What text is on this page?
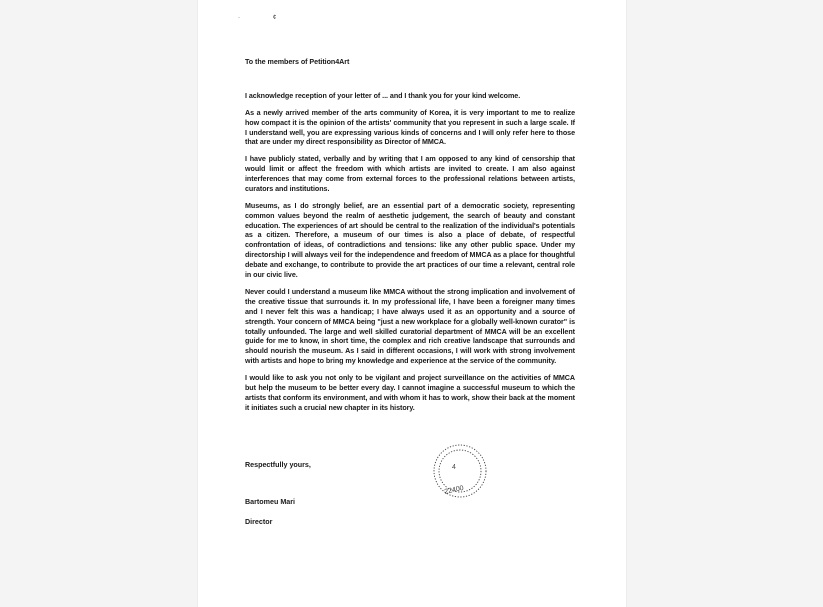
·	¢

To the members of Petition4Art

I acknowledge reception of your letter of ... and I thank you for your kind welcome.

As a newly arrived member of the arts community of Korea, it is very important to me to realize how compact it is the opinion of the artists' community that you represent in such a large scale. If I understand well, you are expressing various kinds of concerns and I will only refer here to those that are under my direct responsibility as Director of MMCA.

I have publicly stated, verbally and by writing that I am opposed to any kind of censorship that would limit or affect the freedom with which artists are invited to create. I am also against interferences that may come from external forces to the professional relations between artists, curators and institutions.

Museums, as I do strongly belief, are an essential part of a democratic society, representing common values beyond the realm of aesthetic judgement, the search of beauty and constant education. The experiences of art should be central to the realization of the individual's potentials as a citizen. Therefore, a museum of our times is also a place of debate, of respectful confrontation of ideas, of contradictions and tensions: like any other public space. Under my directorship I will always veil for the independence and freedom of MMCA as a place for thoughtful debate and exchange, to contribute to provide the art practices of our time a relevant, central role in our civic live.

Never could I understand a museum like MMCA without the strong implication and involvement of the creative tissue that surrounds it. In my professional life, I have been a foreigner many times and I never felt this was a handicap; I have always used it as an opportunity and a source of strength. Your concern of MMCA being "just a new workplace for a globally well-known curator" is totally unfounded. The large and well skilled curatorial department of MMCA will be an excellent guide for me to know, in short time, the complex and rich creative landscape that surrounds and should nourish the museum. As I said in different occasions, I will work with strong involvement with artists and hope to bring my knowledge and experience at the service of the community.

I would like to ask you not only to be vigilant and project surveillance on the activities of MMCA but help the museum to be better every day. I cannot imagine a successful museum to which the artists that conform its environment, and with whom it has to work, show their back at the moment it initiates such a crucial new chapter in its history.

Respectfully yours,	4
22400
Bartomeu Mari
Director
